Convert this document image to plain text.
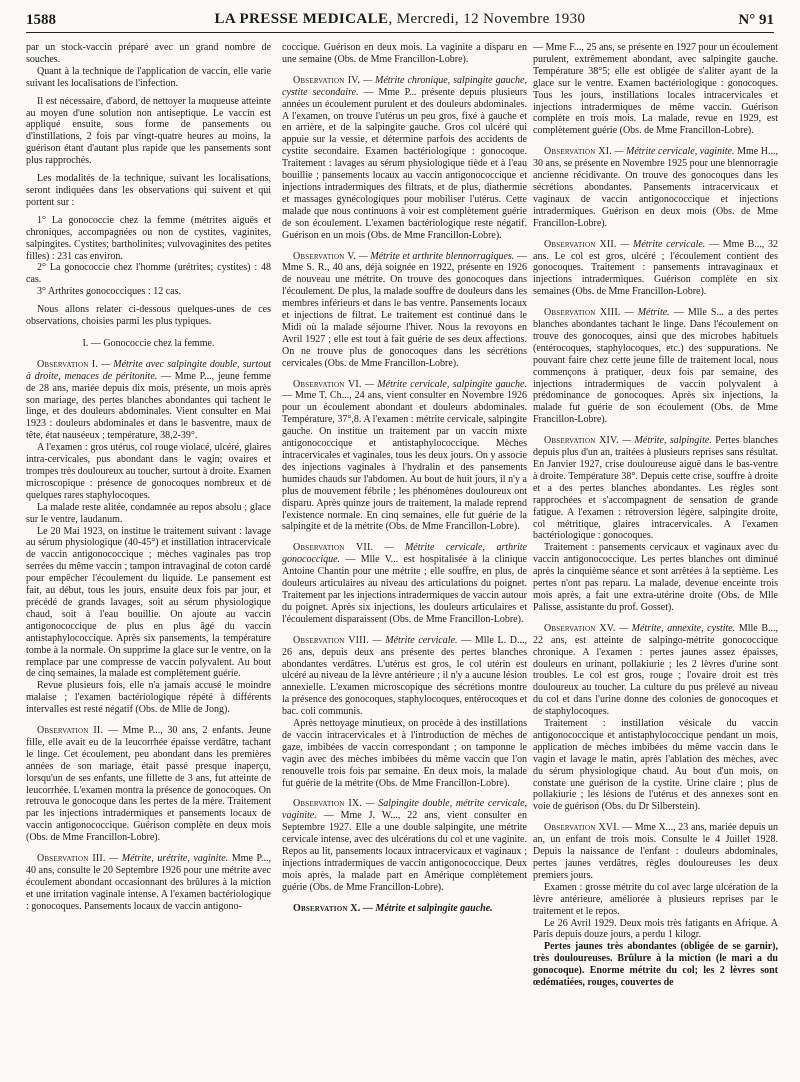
1588	LA PRESSE MEDICALE, Mercredi, 12 Novembre 1930	N° 91

par un stock-vaccin préparé avec un grand nombre de souches.

Quant à la technique de l'application de vaccin, elle varie suivant les localisations de l'infection.

Il est nécessaire, d'abord, de nettoyer la muqueuse atteinte au moyen d'une solution non antiseptique. Le vaccin est appliqué ensuite, sous forme de pansements ou d'instillations, 2 fois par vingt-quatre heures au moins, la guérison étant d'autant plus rapide que les pansements sont plus rapprochés.

Les modalités de la technique, suivant les localisations, seront indiquées dans les observations qui suivent et qui portent sur :

1° La gonococcie chez la femme (métrites aiguës et chroniques, accompagnées ou non de cystites, vaginites, salpingites. Cystites; bartholinites; vulvovaginites des petites filles) : 231 cas environ.

2° La gonococcie chez l'homme (urétrites; cystites) : 48 cas.

3° Arthrites gonococciques : 12 cas.

Nous allons relater ci-dessous quelques-unes de ces observations, choisies parmi les plus typiques.

I. — Gonococcie chez la femme.

Observation I. — Métrite avec salpingite double, surtout à droite, menaces de péritonite. — Mme P..., jeune femme de 28 ans, mariée depuis dix mois, présente, un mois après son mariage, des pertes blanches abondantes qui tachent le linge, et des douleurs abdominales. Vient consulter en Mai 1923 : douleurs abdominales et dans le basventre, maux de tête, état nauséeux ; température, 38,2-39°.

A l'examen : gros utérus, col rouge violacé, ulcéré, glaires intra-cervicales, pus abondant dans le vagin; ovaires et trompes très douloureux au toucher, surtout à droite. Examen microscopique : présence de gonocoques nombreux et de quelques rares staphylocoques.

La malade reste alitée, condamnée au repos absolu ; glace sur le ventre, laudanum.

Le 20 Mai 1923, on institue le traitement suivant : lavage au sérum physiologique (40-45°) et instillation intracervicale de vaccin antigonococcique ; mèches vaginales pas trop serrées du même vaccin ; tampon intravaginal de coton cardé pour empêcher l'écoulement du liquide. Le pansement est fait, au début, tous les jours, ensuite deux fois par jour, et précédé de grands lavages, soit au sérum physiologique chaud, soit à l'eau bouillie. On ajoute au vaccin antigonococcique de plus en plus âgé du vaccin antistaphylococcique. Après six pansements, la température tombe à la normale. On supprime la glace sur le ventre, on la remplace par une compresse de vaccin polyvalent. Au bout de cinq semaines, la malade est complètement guérie.

Revue plusieurs fois, elle n'a jamais accusé le moindre malaise ; l'examen bactériologique répété à différents intervalles est resté négatif (Obs. de Mlle de Jong).

Observation II. — Mme P..., 30 ans, 2 enfants. Jeune fille, elle avait eu de la leucorrhée épaisse verdâtre, tachant le linge. Cet écoulement, peu abondant dans les premières années de son mariage, était passé presque inaperçu, lorsqu'un de ses enfants, une fillette de 3 ans, fut atteinte de leucorrhée. L'examen montra la présence de gonocoques. On retrouva le gonocoque dans les pertes de la mère. Traitement par les injections intradermiques et pansements locaux de vaccin antigonococcique. Guérison complète en deux mois (Obs. de Mme Francillon-Lobre).

Observation III. — Métrite, urétrite, vaginite. Mme P..., 40 ans, consulte le 20 Septembre 1926 pour une métrite avec écoulement abondant occasionnant des brûlures à la miction et une irritation vaginale intense. A l'examen bactériologique : gonocoques. Pansements locaux de vaccin antigono-

coccique. Guérison en deux mois. La vaginite a disparu en une semaine (Obs. de Mme Francillon-Lobre).

Observation IV. — Métrite chronique, salpingite gauche, cystite secondaire. — Mme P... présente depuis plusieurs années un écoulement purulent et des douleurs abdominales. A l'examen, on trouve l'utérus un peu gros, fixé à gauche et en arrière, et de la salpingite gauche. Gros col ulcéré qui appuie sur la vessie, et détermine parfois des accidents de cystite secondaire. Examen bactériologique : gonocoque. Traitement : lavages au sérum physiologique tiède et à l'eau bouillie ; pansements locaux au vaccin antigonococcique et injections intradermiques des filtrats, et de plus, diathermie et massages gynécologiques pour mobiliser l'utérus. Cette malade que nous continuons à voir est complètement guérie de son écoulement. L'examen bactériologique reste négatif. Guérison en un mois (Obs. de Mme Francillon-Lobre).

Observation V. — Métrite et arthrite blennorragiques. — Mme S. R., 40 ans, déjà soignée en 1922, présente en 1926 de nouveau une métrite. On trouve des gonocoques dans l'écoulement. De plus, la malade souffre de douleurs dans les membres inférieurs et dans le bas ventre. Pansements locaux et injections de filtrat. Le traitement est continué dans le Midi où la malade séjourne l'hiver. Nous la revoyons en Avril 1927 ; elle est tout à fait guérie de ses deux affections. On ne trouve plus de gonocoques dans les sécrétions cervicales (Obs. de Mme Francillon-Lobre).

Observation VI. — Métrite cervicale, salpingite gauche. — Mme T. Ch..., 24 ans, vient consulter en Novembre 1926 pour un écoulement abondant et douleurs abdominales. Température, 37°,8. A l'examen : métrite cervicale, salpingite gauche. On institue un traitement par un vaccin mixte antigonococcique et antistaphylococcique. Mèches intracervicales et vaginales, tous les deux jours. On y associe des injections vaginales à l'hydralin et des pansements humides chauds sur l'abdomen. Au bout de huit jours, il n'y a plus de mouvement fébrile ; les phénomènes douloureux ont disparu. Après quinze jours de traitement, la malade reprend l'existence normale. En cinq semaines, elle fut guérie de la salpingite et de la métrite (Obs. de Mme Francillon-Lobre).

Observation VII. — Métrite cervicale, arthrite gonococcique. — Mlle V... est hospitalisée à la clinique Antoine Chantin pour une métrite ; elle souffre, en plus, de douleurs articulaires au niveau des articulations du poignet. Traitement par les injections intradermiques de vaccin autour du poignet. Après six injections, les douleurs articulaires et l'écoulement disparaissent (Obs. de Mme Francillon-Lobre).

Observation VIII. — Métrite cervicale. — Mlle L. D..., 26 ans, depuis deux ans présente des pertes blanches abondantes verdâtres. L'utérus est gros, le col utérin est ulcéré au niveau de la lèvre antérieure ; il n'y a aucune lésion annexielle. L'examen microscopique des sécrétions montre la présence des gonocoques, staphylocoques, entérocoques et bac. coli communis.

Après nettoyage minutieux, on procède à des instillations de vaccin intracervicales et à l'introduction de mèches de gaze, imbibées de vaccin correspondant ; on tamponne le vagin avec des mèches imbibées du même vaccin que l'on renouvelle trois fois par semaine. En deux mois, la malade fut guérie de la métrite (Obs. de Mme Francillon-Lobre).

Observation IX. — Salpingite double, métrite cervicale, vaginite. — Mme J. W..., 22 ans, vient consulter en Septembre 1927. Elle a une double salpingite, une métrite cervicale intense, avec des ulcérations du col et une vaginite. Repos au lit, pansements locaux intracervicaux et vaginaux ; injections intradermiques de vaccin antigonococcique. Deux mois après, la malade part en Amérique complètement guérie (Obs. de Mme Francillon-Lobre).

Observation X. — Métrite et salpingite gauche.

— Mme F..., 25 ans, se présente en 1927 pour un écoulement purulent, extrêmement abondant, avec salpingite gauche. Température 38°5; elle est obligée de s'aliter ayant de la glace sur le ventre. Examen bactériologique : gonocoques. Tous les jours, instillations locales intracervicales et injections intradermiques de même vaccin. Guérison complète en trois mois. La malade, revue en 1929, est complètement guérie (Obs. de Mme Francillon-Lobre).

Observation XI. — Métrite cervicale, vaginite. Mme H..., 30 ans, se présente en Novembre 1925 pour une blennorragie ancienne récidivante. On trouve des gonocoques dans les sécrétions abondantes. Pansements intracervicaux et vaginaux de vaccin antigonococcique et injections intradermiques. Guérison en deux mois (Obs. de Mme Francillon-Lobre).

Observation XII. — Métrite cervicale. — Mme B..., 32 ans. Le col est gros, ulcéré ; l'écoulement contient des gonocoques. Traitement : pansements intravaginaux et injections intradermiques. Guérison complète en six semaines (Obs. de Mme Francillon-Lobre).

Observation XIII. — Métrite. — Mlle S... a des pertes blanches abondantes tachant le linge. Dans l'écoulement on trouve des gonocoques, ainsi que des microbes habituels (entérocoques, staphylocoques, etc.) des suppurations. Ne pouvant faire chez cette jeune fille de traitement local, nous commençons à pratiquer, deux fois par semaine, des injections intradermiques de vaccin polyvalent à prédominance de gonocoques. Après six injections, la malade fut guérie de son écoulement (Obs. de Mme Francillon-Lobre).

Observation XIV. — Métrite, salpingite. Pertes blanches depuis plus d'un an, traitées à plusieurs reprises sans résultat. En Janvier 1927, crise douloureuse aiguë dans le bas-ventre à droite. Température 38°. Depuis cette crise, souffre à droite et a des pertes blanches abondantes. Les règles sont rapprochées et s'accompagnent de sensation de grande fatigue. A l'examen : rétroversion légère, salpingite droite, col métritique, glaires intracervicales. A l'examen bactériologique : gonocoques.

Traitement : pansements cervicaux et vaginaux avec du vaccin antigonococcique. Les pertes blanches ont diminué après la cinquième séance et sont arrêtées à la septième. Les pertes n'ont pas reparu. La malade, devenue enceinte trois mois après, a fait une extra-utérine droite (Obs. de Mlle Palisse, assistante du prof. Gosset).

Observation XV. — Métrite, annexite, cystite. Mlle B..., 22 ans, est atteinte de salpingo-métrite gonococcique chronique. A l'examen : pertes jaunes assez épaisses, douleurs en urinant, pollakiurie ; les 2 lèvres d'urine sont troubles. Le col est gros, rouge ; l'ovaire droit est très douloureux au toucher. La culture du pus prélevé au niveau du col et dans l'urine donne des colonies de gonocoques et de staphylocoques.

Traitement : instillation vésicale du vaccin antigonococcique et antistaphylococcique pendant un mois, application de mèches imbibées du même vaccin dans le vagin et lavage le matin, après l'ablation des mèches, avec du sérum physiologique chaud. Au bout d'un mois, on constate une guérison de la cystite. Urine claire ; plus de pollakiurie ; les lésions de l'utérus et des annexes sont en voie de guérison (Obs. du Dr Silberstein).

Observation XVI. — Mme X..., 23 ans, mariée depuis un an, un enfant de trois mois. Consulte le 4 Juillet 1928. Depuis la naissance de l'enfant : douleurs abdominales, pertes jaunes verdâtres, règles douloureuses les deux premiers jours.

Examen : grosse métrite du col avec large ulcération de la lèvre antérieure, améliorée à plusieurs reprises par le traitement et le repos.

Le 26 Avril 1929. Deux mois très fatigants en Afrique. A Paris depuis douze jours, a perdu 1 kilogr.

Pertes jaunes très abondantes (obligée de se garnir), très douloureuses. Brûlure à la miction (le mari a du gonocoque). Enorme métrite du col; les 2 lèvres sont œdématiées, rouges, couvertes de
